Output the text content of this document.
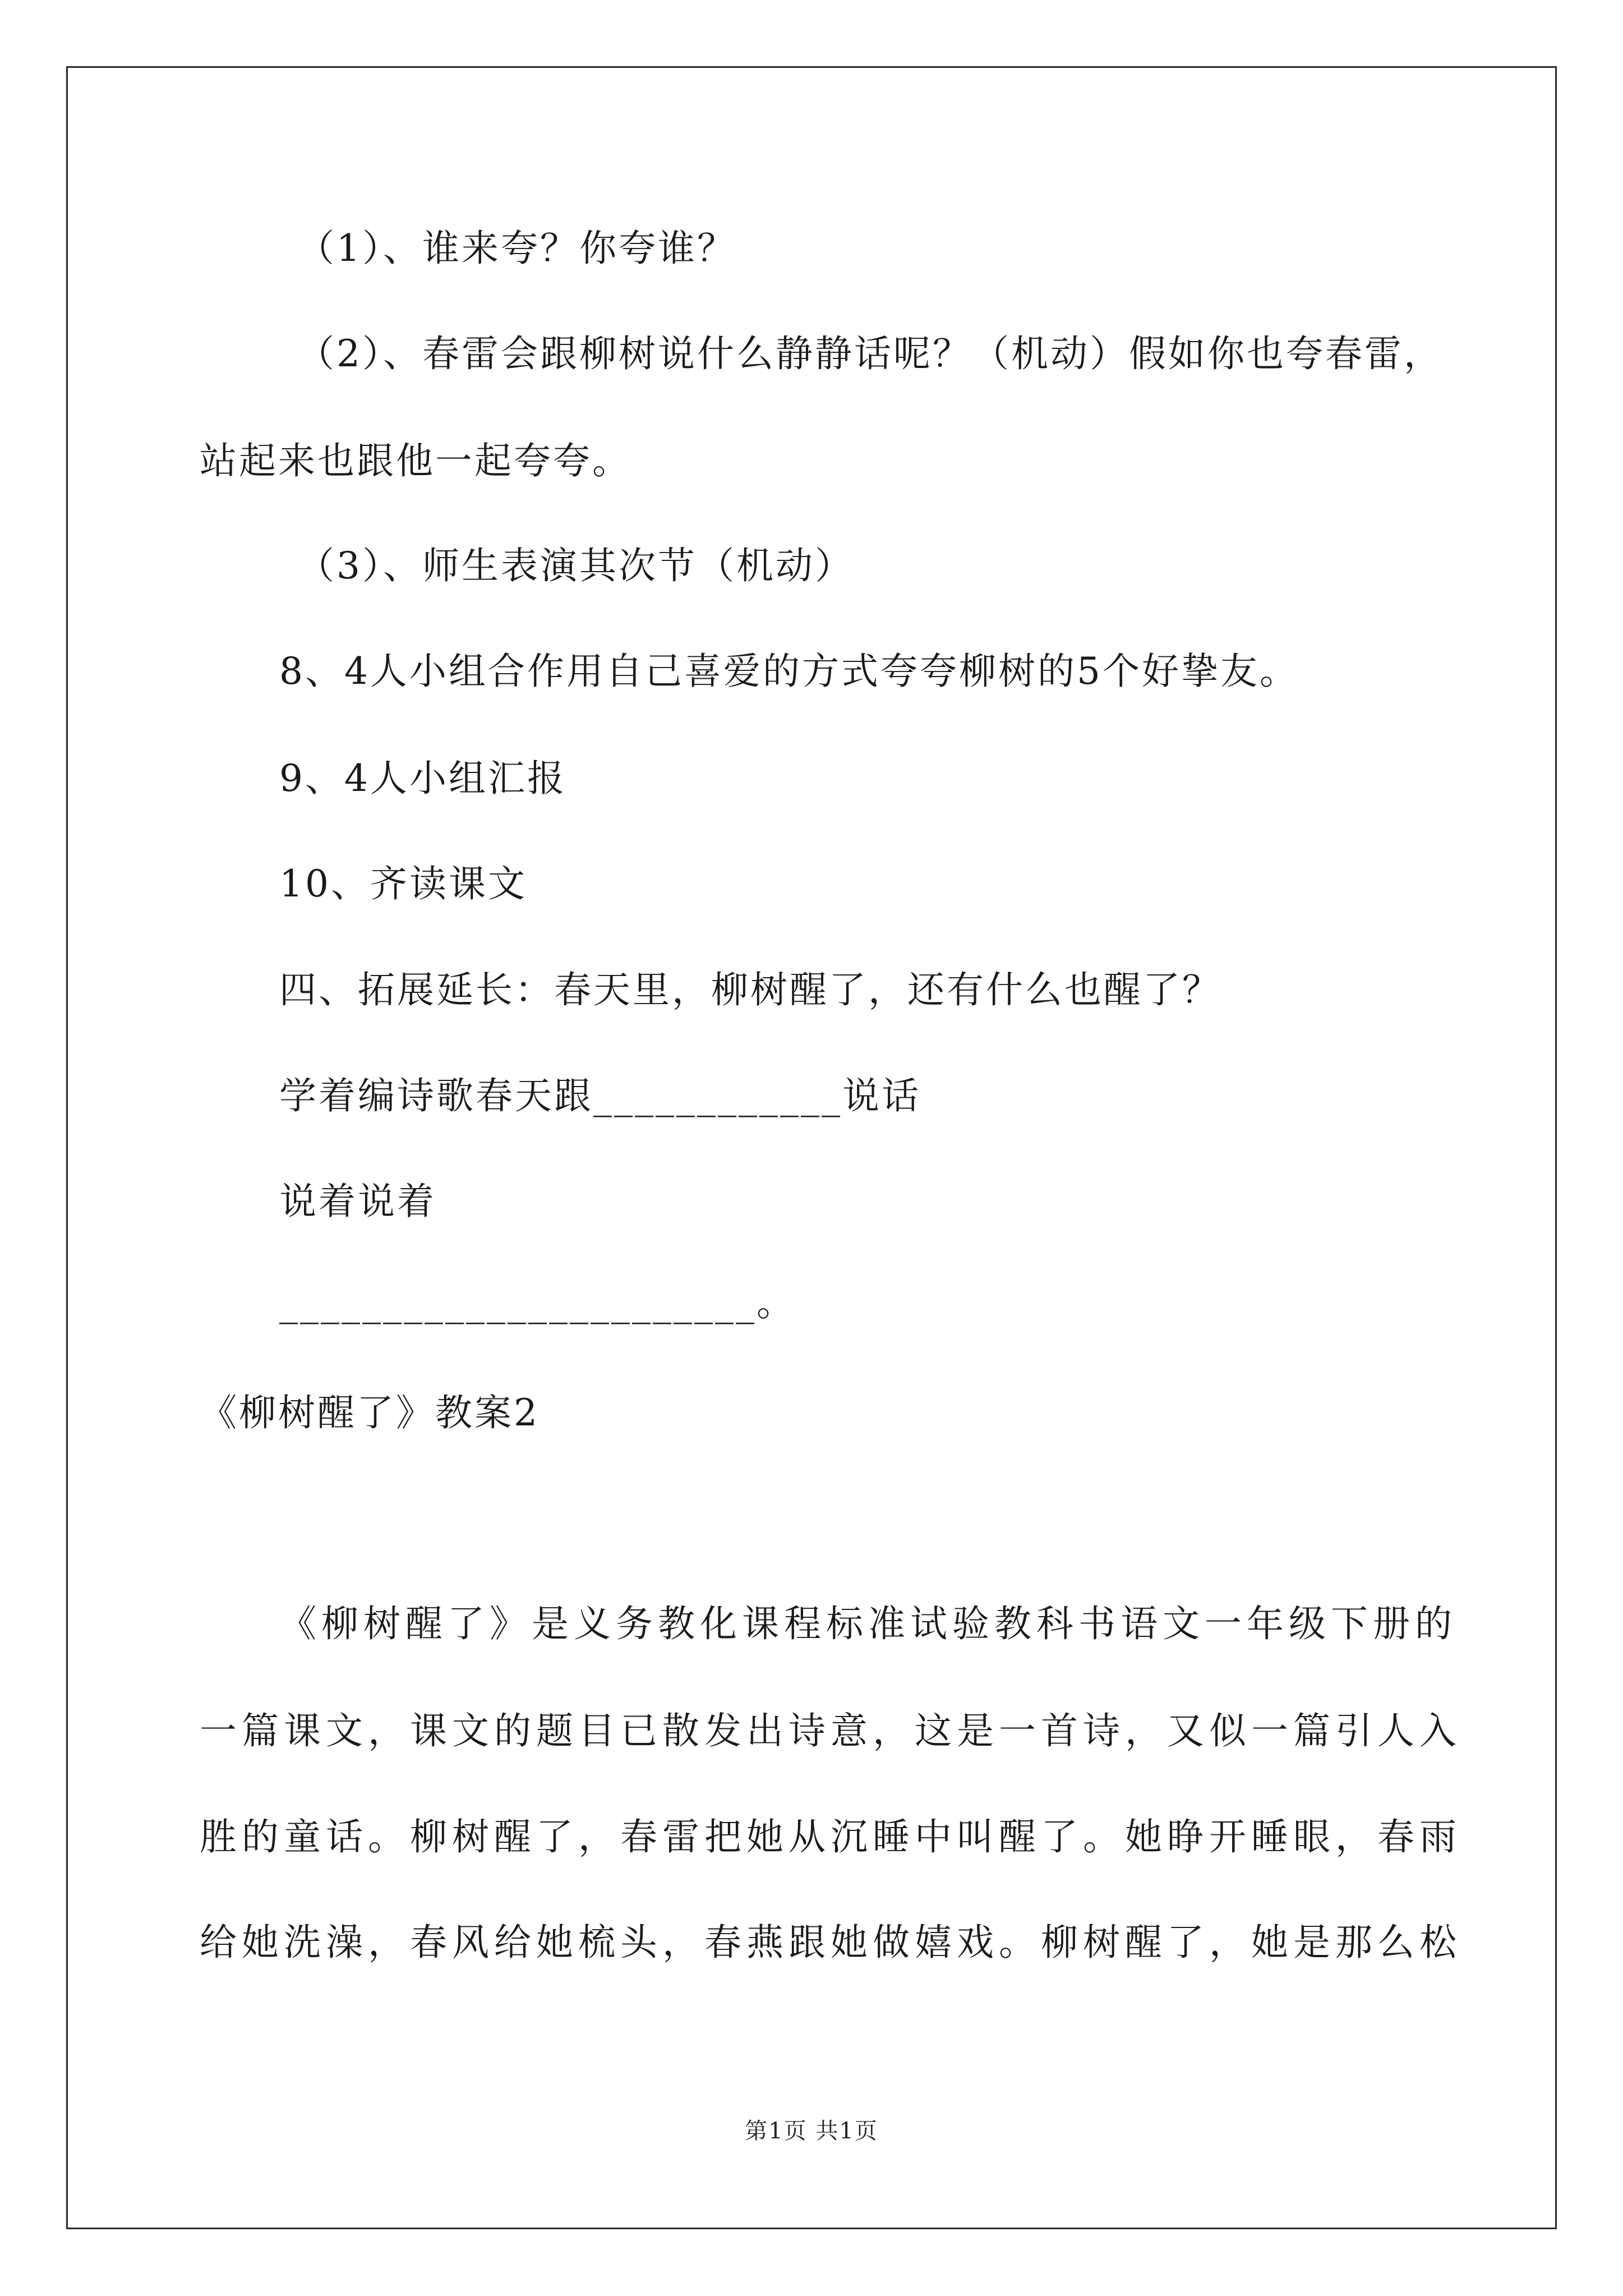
（1）、谁来夸？你夸谁？
（2）、春雷会跟柳树说什么静静话呢？（机动）假如你也夸春雷，
站起来也跟他一起夸夸。
（3）、师生表演其次节（机动）
8、4人小组合作用自己喜爱的方式夸夸柳树的5个好挚友。
9、4人小组汇报
10、齐读课文
四、拓展延长：春天里，柳树醒了，还有什么也醒了？
学着编诗歌春天跟____________说话
说着说着
_______________________。
《柳树醒了》教案2
《柳树醒了》是义务教化课程标准试验教科书语文一年级下册的
一篇课文，课文的题目已散发出诗意，这是一首诗，又似一篇引人入
胜的童话。柳树醒了，春雷把她从沉睡中叫醒了。她睁开睡眼，春雨
给她洗澡，春风给她梳头，春燕跟她做嬉戏。柳树醒了，她是那么松
第1页 共1页
